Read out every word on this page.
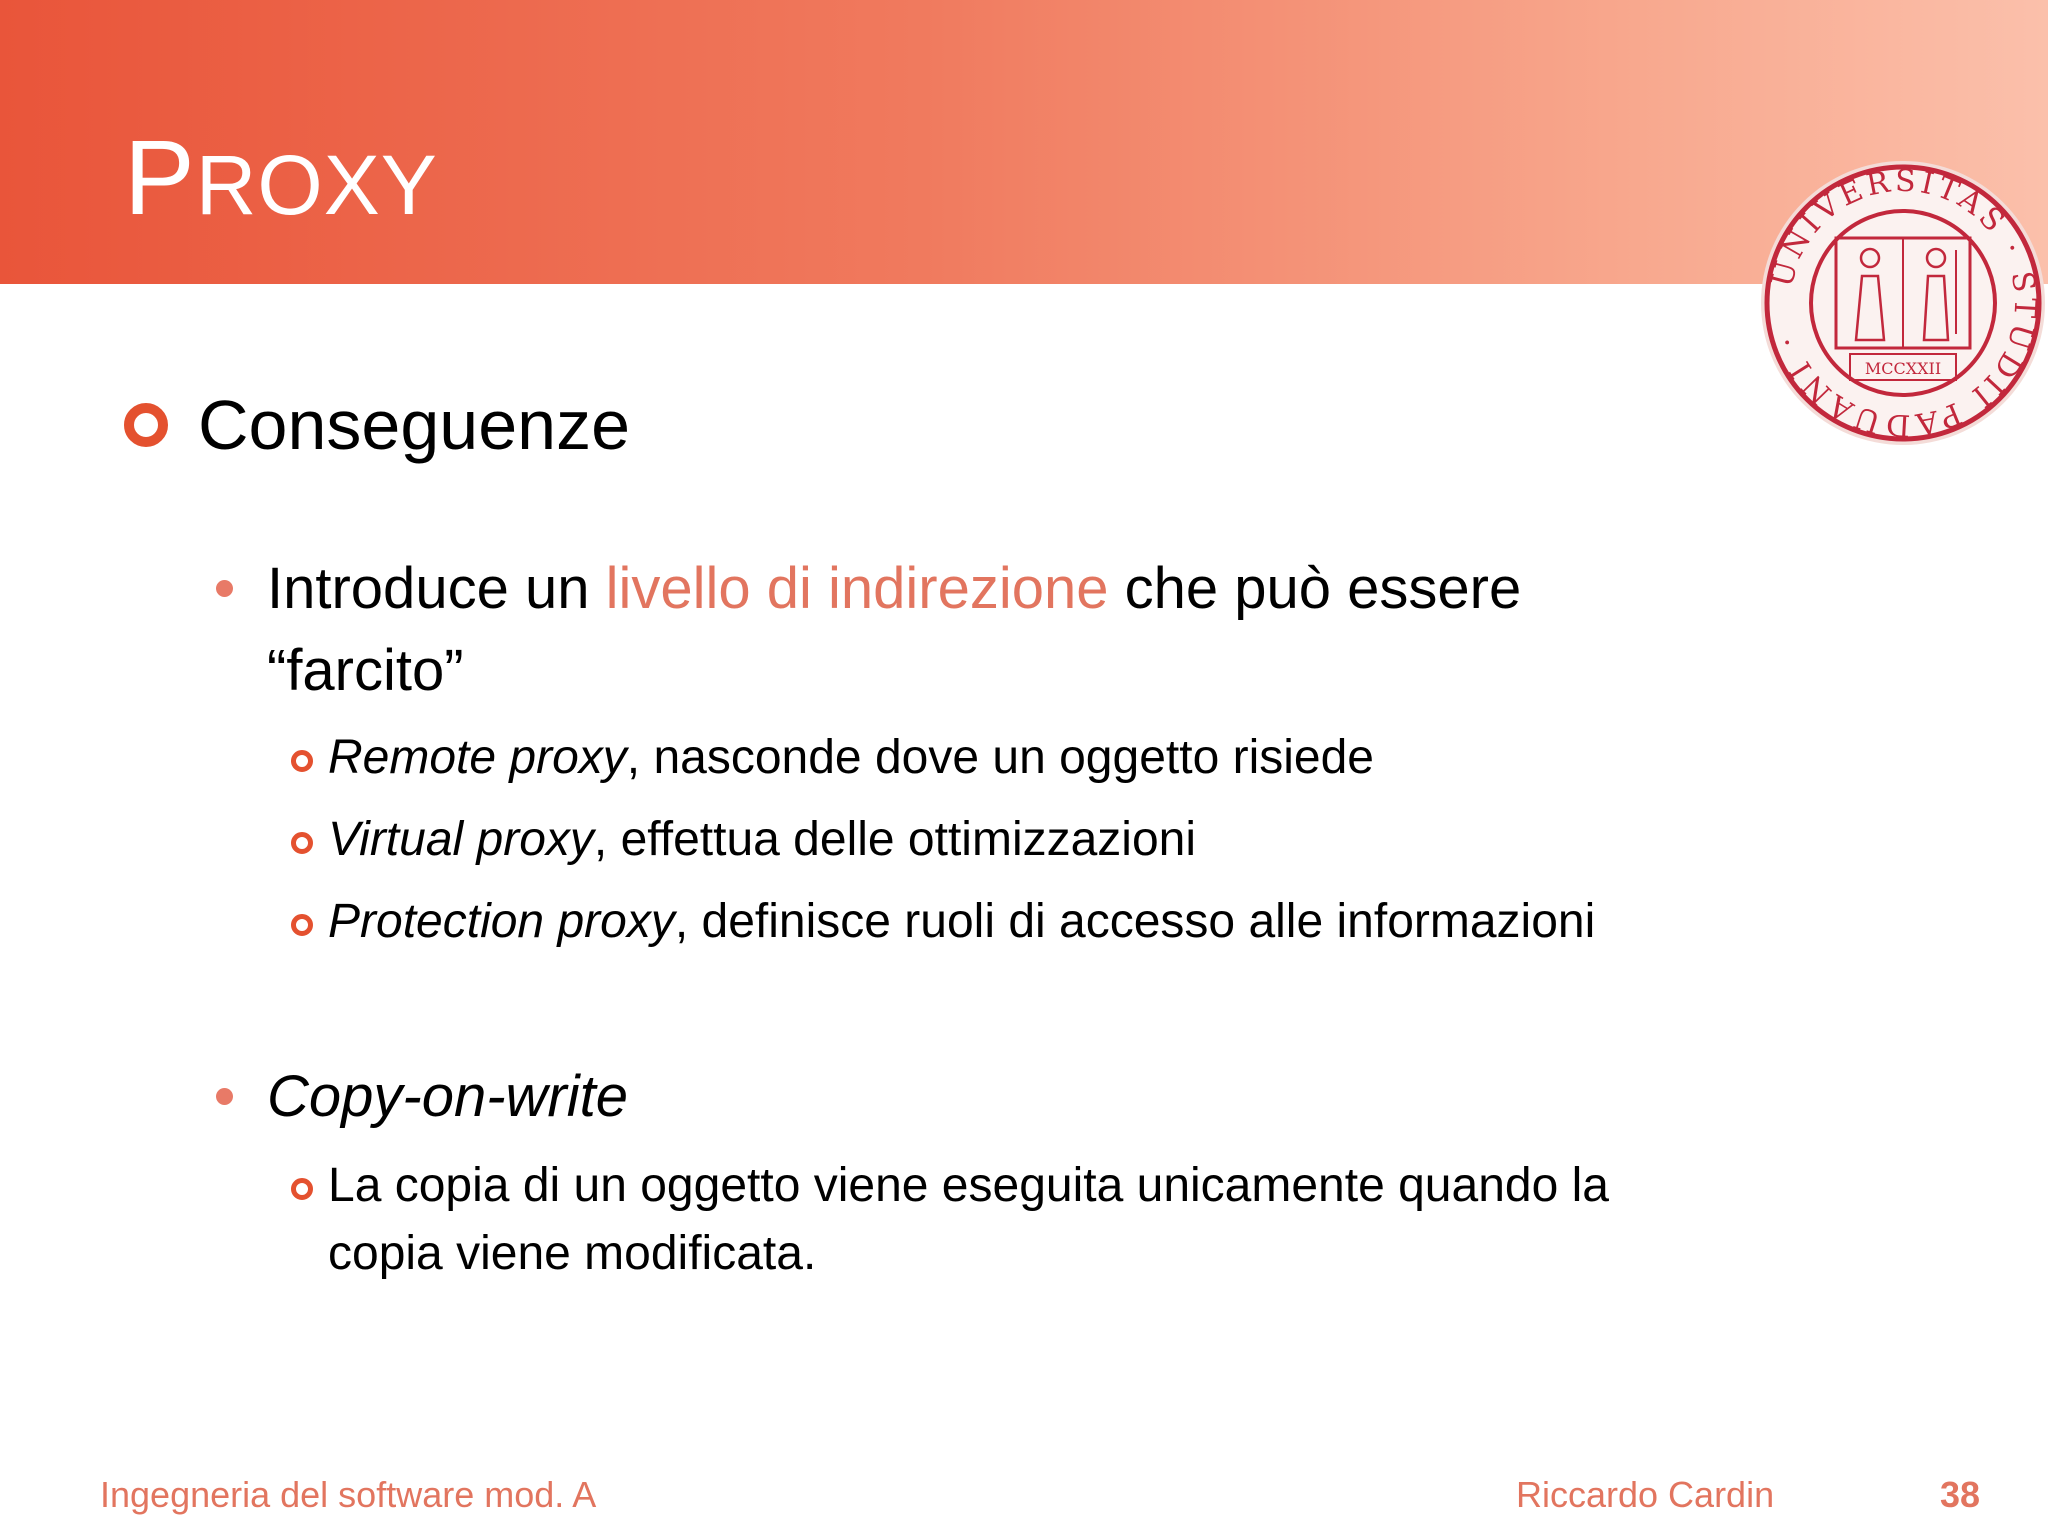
PROXY
UNIVERSITAS · STUDII PADUANI ·
MCCXXII
Conseguenze
Introduce un livello di indirezione che può essere
“farcito”
Remote proxy, nasconde dove un oggetto risiede
Virtual proxy, effettua delle ottimizzazioni
Protection proxy, definisce ruoli di accesso alle informazioni
Copy-on-write
La copia di un oggetto viene eseguita unicamente quando la
copia viene modificata.
Ingegneria del software mod. A	Riccardo Cardin	38
